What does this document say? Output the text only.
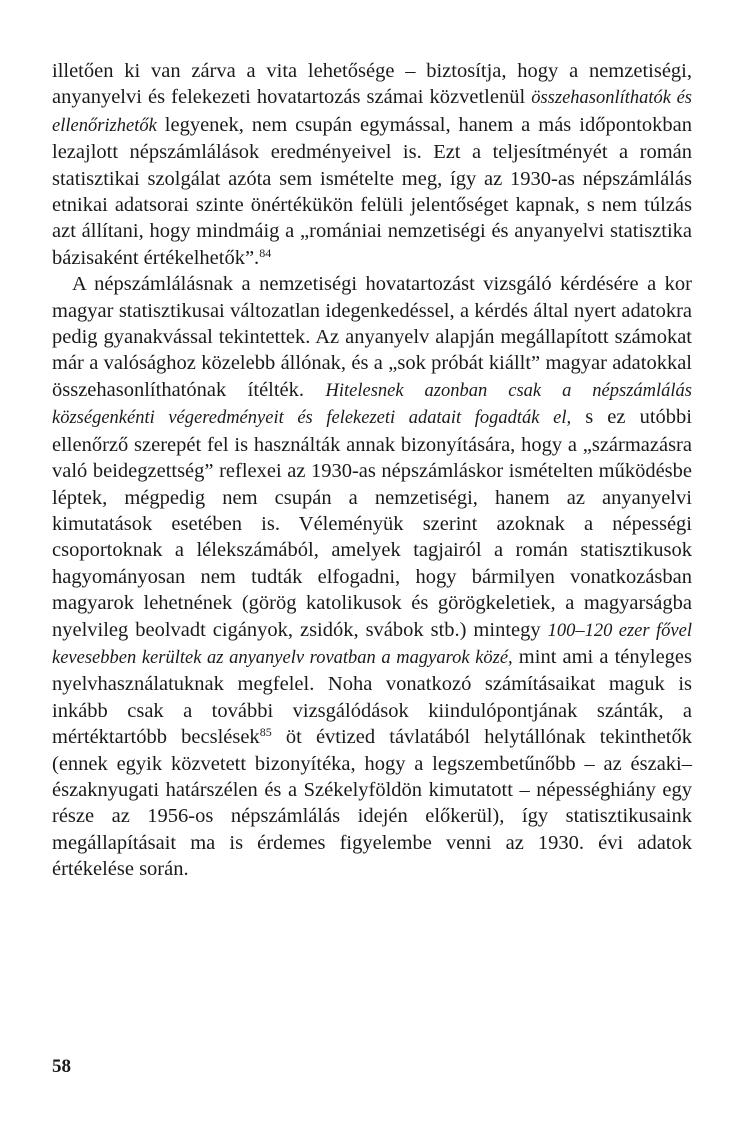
illetően ki van zárva a vita lehetősége – biztosítja, hogy a nemzetiségi, anyanyelvi és felekezeti hovatartozás számai közvetlenül összehasonlíthatók és ellenőrizhetők legyenek, nem csupán egymással, hanem a más időpontokban lezajlott népszámlálások eredményeivel is. Ezt a teljesítményét a román statisztikai szolgálat azóta sem ismételte meg, így az 1930-as népszámlálás etnikai adatsorai szinte önértékükön felüli jelentőséget kapnak, s nem túlzás azt állítani, hogy mindmáig a „romániai nemzetiségi és anyanyelvi statisztika bázisaként értékelhetők”.$^{84}$

A népszámlálásnak a nemzetiségi hovatartozást vizsgáló kérdésére a kor magyar statisztikusai változatlan idegenkedéssel, a kérdés által nyert adatokra pedig gyanakvással tekintettek. Az anyanyelv alapján megállapított számokat már a valósághoz közelebb állónak, és a „sok próbát kiállt” magyar adatokkal összehasonlíthatónak ítélték. Hitelesnek azonban csak a népszámlálás községenkénti végeredményeit és felekezeti adatait fogadták el, s ez utóbbi ellenőrző szerepét fel is használták annak bizonyítására, hogy a „származásra való beidegzettség” reflexei az 1930-as népszámláskor ismételten működésbe léptek, mégpedig nem csupán a nemzetiségi, hanem az anyanyelvi kimutatások esetében is. Véleményük szerint azoknak a népességi csoportoknak a lélekszámából, amelyek tagjairól a román statisztikusok hagyományosan nem tudták elfogadni, hogy bármilyen vonatkozásban magyarok lehetnének (görög katolikusok és görögkeletiek, a magyarságba nyelvileg beolvadt cigányok, zsidók, svábok stb.) mintegy 100–120 ezer fővel kevesebben kerültek az anyanyelv rovatban a magyarok közé, mint ami a tényleges nyelvhasználatuknak megfelel. Noha vonatkozó számításaikat maguk is inkább csak a további vizsgálódások kiindulópontjának szánták, a mértéktartóbb becslések$^{85}$ öt évtized távlatából helytállónak tekinthetők (ennek egyik közvetett bizonyítéka, hogy a legszembetűnőbb – az északi–északnyugati határszélen és a Székelyföldön kimutatott – népességhiány egy része az 1956-os népszámlálás idején előkerül), így statisztikusaink megállapításait ma is érdemes figyelembe venni az 1930. évi adatok értékelése során.

58
